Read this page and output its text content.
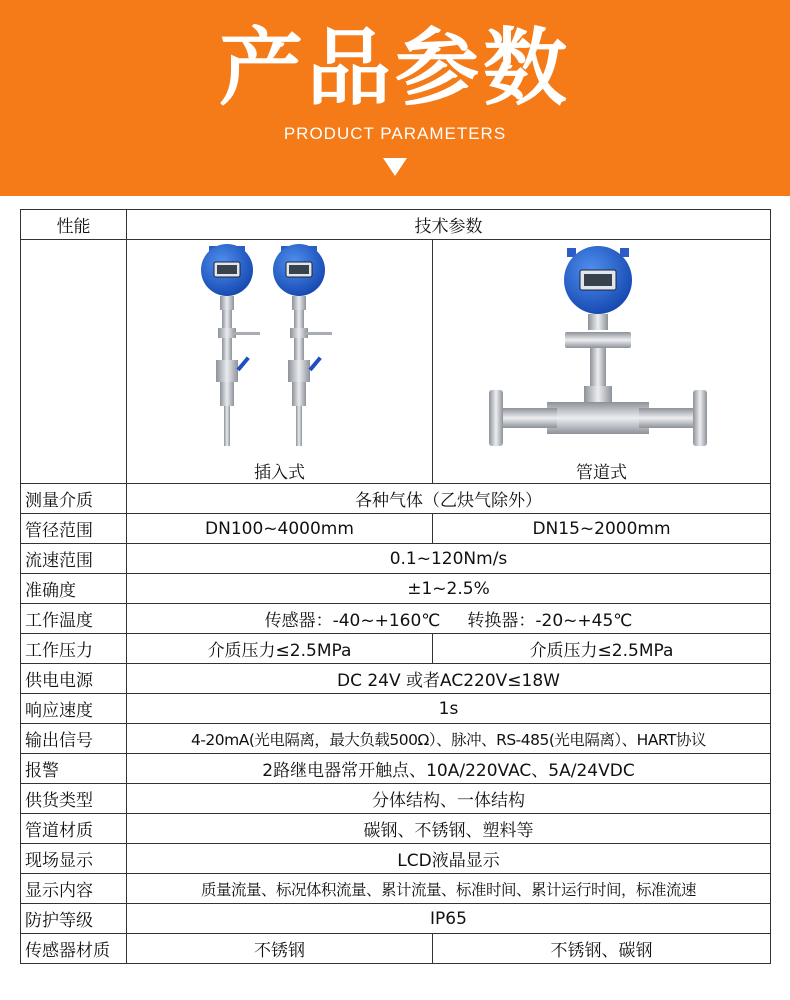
产品参数
PRODUCT PARAMETERS
性能	技术参数	

	插入式	管道式

测量介质	各种气体（乙炔气除外）	
管径范围	DN100~4000mm	DN15~2000mm
流速范围	0.1~120Nm/s	
准确度	±1~2.5%	
工作温度	传感器：-40~+160℃     转换器：-20~+45℃	
工作压力	介质压力≤2.5MPa	介质压力≤2.5MPa
供电电源	DC 24V 或者AC220V≤18W	
响应速度	1s	
输出信号	4-20mA(光电隔离，最大负载500Ω）、脉冲、RS-485(光电隔离）、HART协议	
报警	2路继电器常开触点、10A/220VAC、5A/24VDC	
供货类型	分体结构、一体结构	
管道材质	碳钢、不锈钢、塑料等	
现场显示	LCD液晶显示	
显示内容	质量流量、标况体积流量、累计流量、标准时间、累计运行时间，标准流速	
防护等级	IP65	
传感器材质	不锈钢	不锈钢、碳钢
